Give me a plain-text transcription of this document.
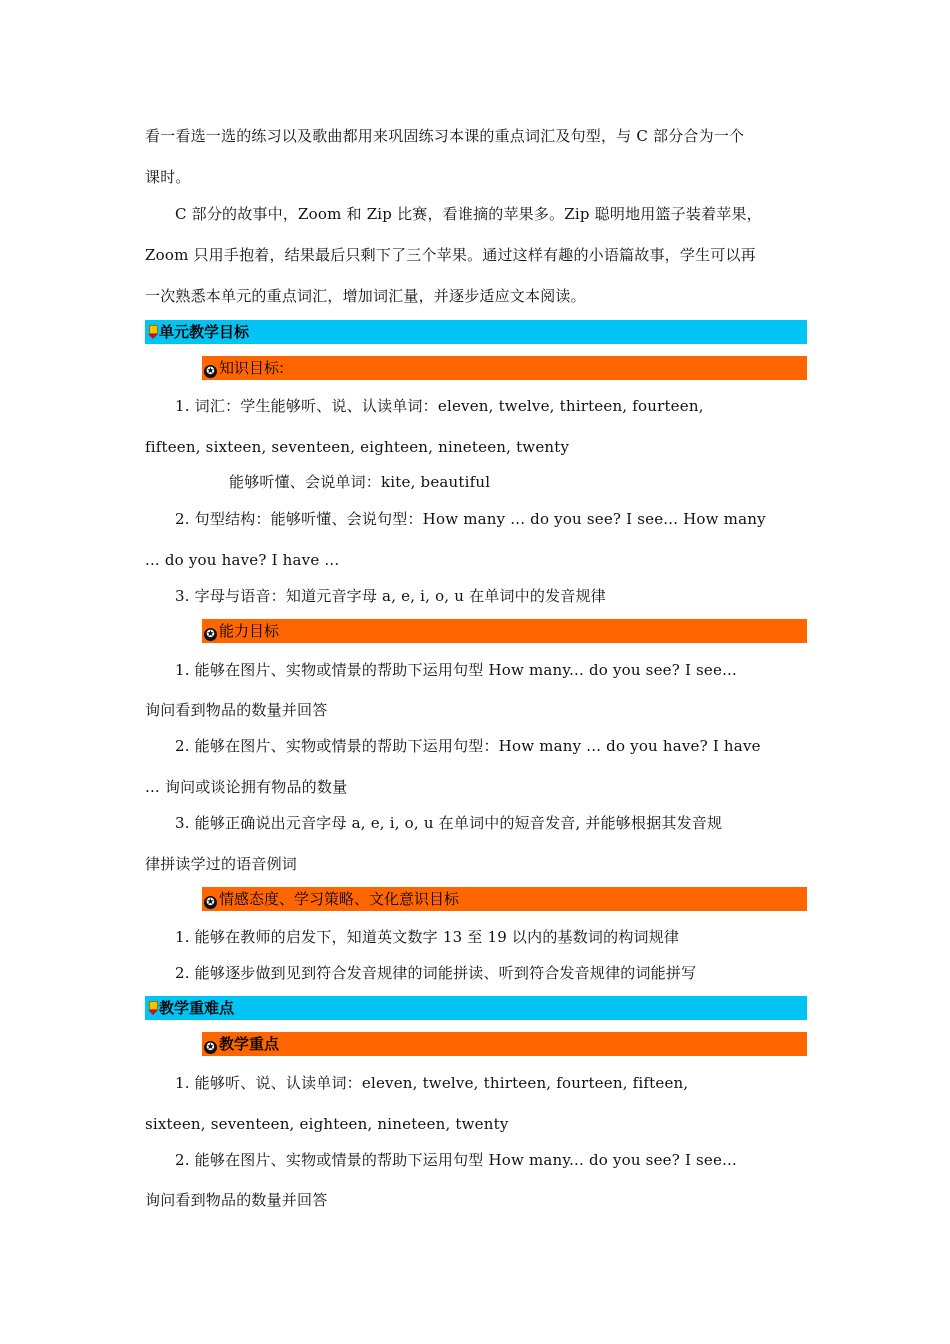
看一看选一选的练习以及歌曲都用来巩固练习本课的重点词汇及句型，与 C 部分合为一个
课时。
C 部分的故事中，Zoom 和 Zip 比赛，看谁摘的苹果多。Zip 聪明地用篮子装着苹果，
Zoom 只用手抱着，结果最后只剩下了三个苹果。通过这样有趣的小语篇故事，学生可以再
一次熟悉本单元的重点词汇，增加词汇量，并逐步适应文本阅读。
单元教学目标
✪ 知识目标:
1. 词汇：学生能够听、说、认读单词：eleven, twelve, thirteen, fourteen,
fifteen, sixteen, seventeen, eighteen, nineteen, twenty
能够听懂、会说单词：kite, beautiful
2. 句型结构：能够听懂、会说句型：How many ... do you see? I see... How many
... do you have? I have ...
3. 字母与语音：知道元音字母 a, e, i, o, u 在单词中的发音规律
✪ 能力目标
1. 能够在图片、实物或情景的帮助下运用句型 How many... do you see? I see...
询问看到物品的数量并回答
2. 能够在图片、实物或情景的帮助下运用句型：How many ... do you have? I have
... 询问或谈论拥有物品的数量
3. 能够正确说出元音字母 a, e, i, o, u 在单词中的短音发音, 并能够根据其发音规
律拼读学过的语音例词
✪ 情感态度、学习策略、文化意识目标
1. 能够在教师的启发下，知道英文数字 13 至 19 以内的基数词的构词规律
2. 能够逐步做到见到符合发音规律的词能拼读、听到符合发音规律的词能拼写
教学重难点
✪ 教学重点
1. 能够听、说、认读单词：eleven, twelve, thirteen, fourteen, fifteen,
sixteen, seventeen, eighteen, nineteen, twenty
2. 能够在图片、实物或情景的帮助下运用句型 How many... do you see? I see...
询问看到物品的数量并回答
